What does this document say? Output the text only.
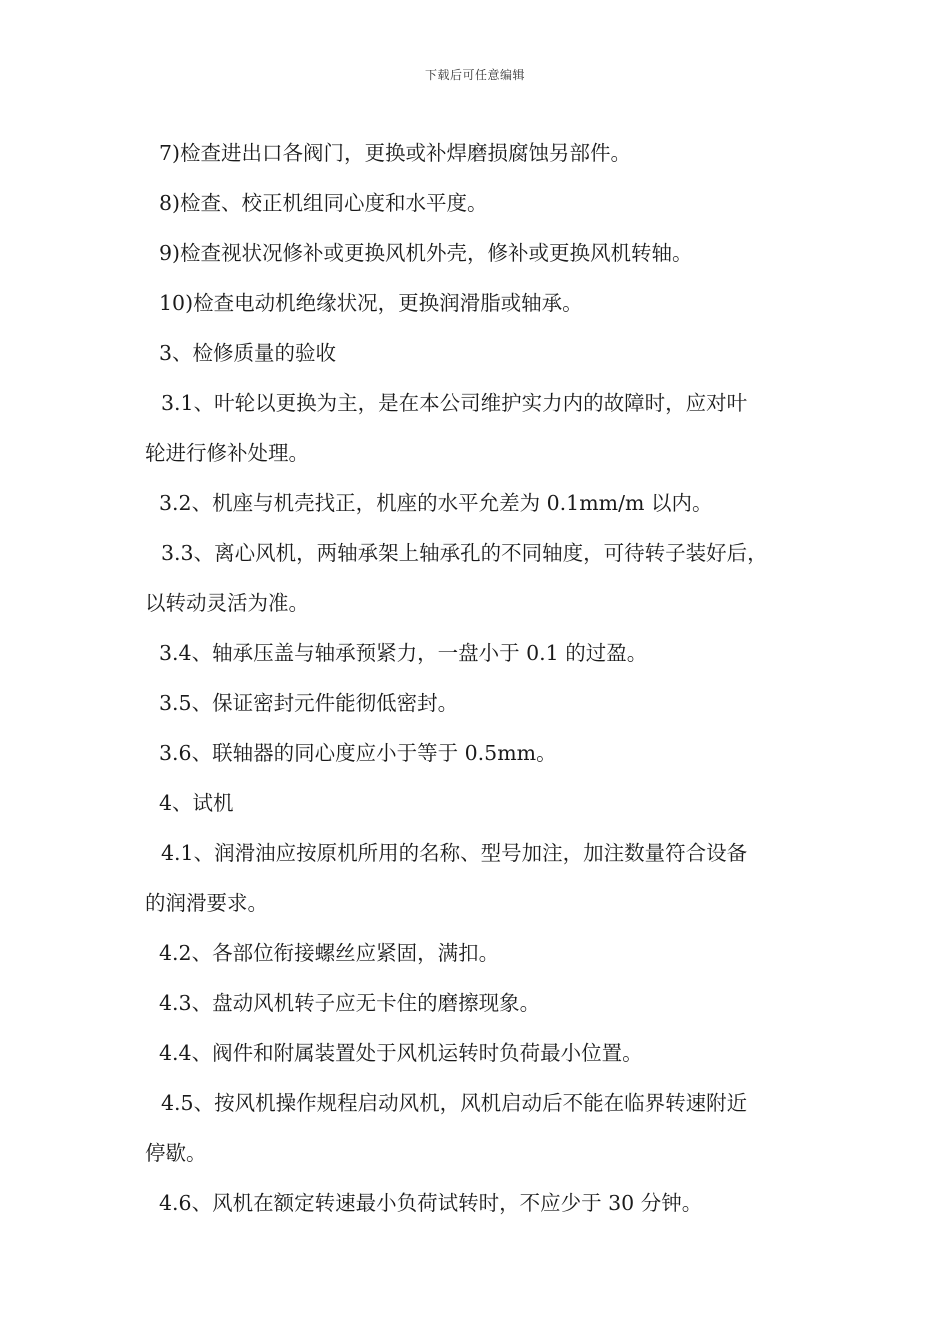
下载后可任意编辑
7)检查进出口各阀门，更换或补焊磨损腐蚀另部件。
8)检查、校正机组同心度和水平度。
9)检查视状况修补或更换风机外壳，修补或更换风机转轴。
10)检查电动机绝缘状况，更换润滑脂或轴承。
3、检修质量的验收
3.1、叶轮以更换为主，是在本公司维护实力内的故障时，应对叶
轮进行修补处理。
3.2、机座与机壳找正，机座的水平允差为 0.1mm/m 以内。
3.3、离心风机，两轴承架上轴承孔的不同轴度，可待转子装好后，
以转动灵活为准。
3.4、轴承压盖与轴承预紧力，一盘小于 0.1 的过盈。
3.5、保证密封元件能彻低密封。
3.6、联轴器的同心度应小于等于 0.5mm。
4、试机
4.1、润滑油应按原机所用的名称、型号加注，加注数量符合设备
的润滑要求。
4.2、各部位衔接螺丝应紧固，满扣。
4.3、盘动风机转子应无卡住的磨擦现象。
4.4、阀件和附属装置处于风机运转时负荷最小位置。
4.5、按风机操作规程启动风机，风机启动后不能在临界转速附近
停歇。
4.6、风机在额定转速最小负荷试转时，不应少于 30 分钟。
